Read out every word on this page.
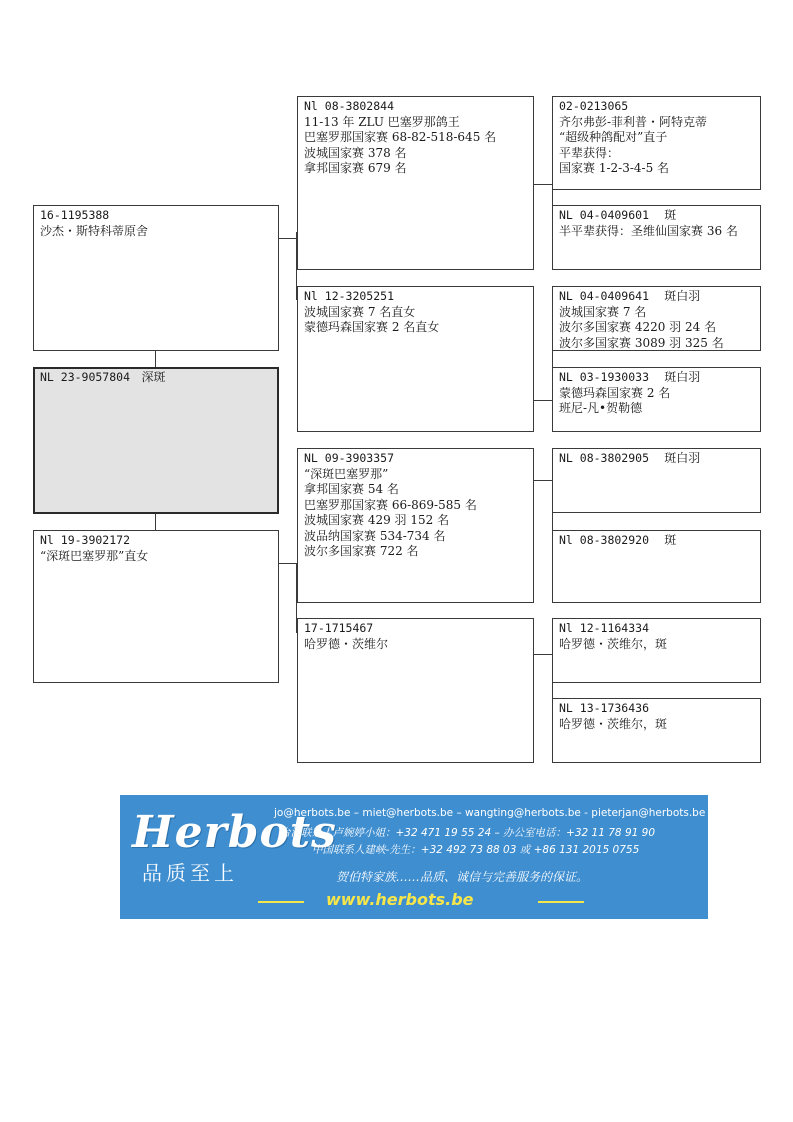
16-1195388
沙杰・斯特科蒂原舍
NL 23-9057804 深斑
Nl 19-3902172
“深斑巴塞罗那”直女
Nl 08-3802844
11-13 年 ZLU 巴塞罗那鸽王
巴塞罗那国家赛 68-82-518-645 名
波城国家赛 378 名
拿邦国家赛 679 名
Nl 12-3205251
波城国家赛 7 名直女
蒙德玛森国家赛 2 名直女
NL 09-3903357
“深斑巴塞罗那”
拿邦国家赛 54 名
巴塞罗那国家赛 66-869-585 名
波城国家赛 429 羽 152 名
波品纳国家赛 534-734 名
波尔多国家赛 722 名
17-1715467
哈罗德・茨维尔
02-0213065
齐尔弗彭-菲利普・阿特克蒂
“超级种鸽配对”直子
平辈获得：
国家赛 1-2-3-4-5 名
NL 04-0409601 斑
半平辈获得：圣维仙国家赛 36 名
NL 04-0409641 斑白羽
波城国家赛 7 名
波尔多国家赛 4220 羽 24 名
波尔多国家赛 3089 羽 325 名
NL 03-1930033 斑白羽
蒙德玛森国家赛 2 名
班尼-凡•贺勒德
NL 08-3802905 斑白羽
Nl 08-3802920 斑
Nl 12-1164334
哈罗德・茨维尔，斑
NL 13-1736436
哈罗德・茨维尔，斑
Herbots
品质至上
jo@herbots.be – miet@herbots.be – wangting@herbots.be - pieterjan@herbots.be
台湾联系人卢婉婷小姐：+32 471 19 55 24 – 办公室电话：+32 11 78 91 90
中国联系人建峡-先生：+32 492 73 88 03 或 +86 131 2015 0755
贺伯特家族……品质、诚信与完善服务的保证。
www.herbots.be
